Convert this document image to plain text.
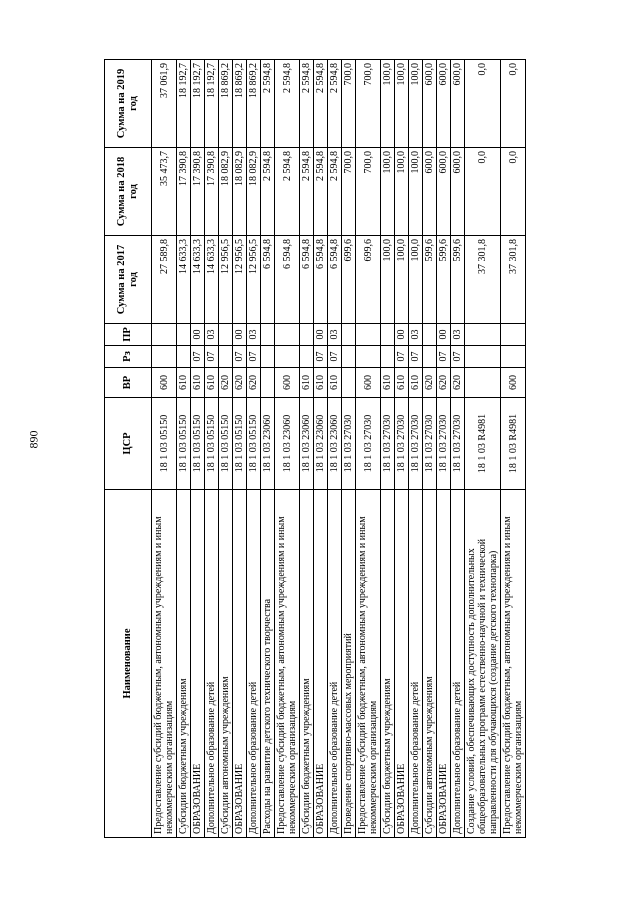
890
Наименование	ЦСР	ВР	Рз	ПР	Сумма на 2017 год	Сумма на 2018 год	Сумма на 2019 год
Предоставление субсидий бюджетным, автономным учреждениям и иным некоммерческим организациям	18 1 03 05150	600			27 589,8	35 473,7	37 061,9
Субсидии бюджетным учреждениям	18 1 03 05150	610			14 633,3	17 390,8	18 192,7
ОБРАЗОВАНИЕ	18 1 03 05150	610	07	00	14 633,3	17 390,8	18 192,7
Дополнительное образование детей	18 1 03 05150	610	07	03	14 633,3	17 390,8	18 192,7
Субсидии автономным учреждениям	18 1 03 05150	620			12 956,5	18 082,9	18 869,2
ОБРАЗОВАНИЕ	18 1 03 05150	620	07	00	12 956,5	18 082,9	18 869,2
Дополнительное образование детей	18 1 03 05150	620	07	03	12 956,5	18 082,9	18 869,2
Расходы на развитие детского технического творчества	18 1 03 23060				6 594,8	2 594,8	2 594,8
Предоставление субсидий бюджетным, автономным учреждениям и иным некоммерческим организациям	18 1 03 23060	600			6 594,8	2 594,8	2 594,8
Субсидии бюджетным учреждениям	18 1 03 23060	610			6 594,8	2 594,8	2 594,8
ОБРАЗОВАНИЕ	18 1 03 23060	610	07	00	6 594,8	2 594,8	2 594,8
Дополнительное образование детей	18 1 03 23060	610	07	03	6 594,8	2 594,8	2 594,8
Проведение спортивно-массовых мероприятий	18 1 03 27030				699,6	700,0	700,0
Предоставление субсидий бюджетным, автономным учреждениям и иным некоммерческим организациям	18 1 03 27030	600			699,6	700,0	700,0
Субсидии бюджетным учреждениям	18 1 03 27030	610			100,0	100,0	100,0
ОБРАЗОВАНИЕ	18 1 03 27030	610	07	00	100,0	100,0	100,0
Дополнительное образование детей	18 1 03 27030	610	07	03	100,0	100,0	100,0
Субсидии автономным учреждениям	18 1 03 27030	620			599,6	600,0	600,0
ОБРАЗОВАНИЕ	18 1 03 27030	620	07	00	599,6	600,0	600,0
Дополнительное образование детей	18 1 03 27030	620	07	03	599,6	600,0	600,0
Создание условий, обеспечивающих доступность дополнительных общеобразовательных программ естественно-научной и технической направленности для обучающихся (создание детского технопарка)	18 1 03 R4981				37 301,8	0,0	0,0
Предоставление субсидий бюджетным, автономным учреждениям и иным некоммерческим организациям	18 1 03 R4981	600			37 301,8	0,0	0,0
